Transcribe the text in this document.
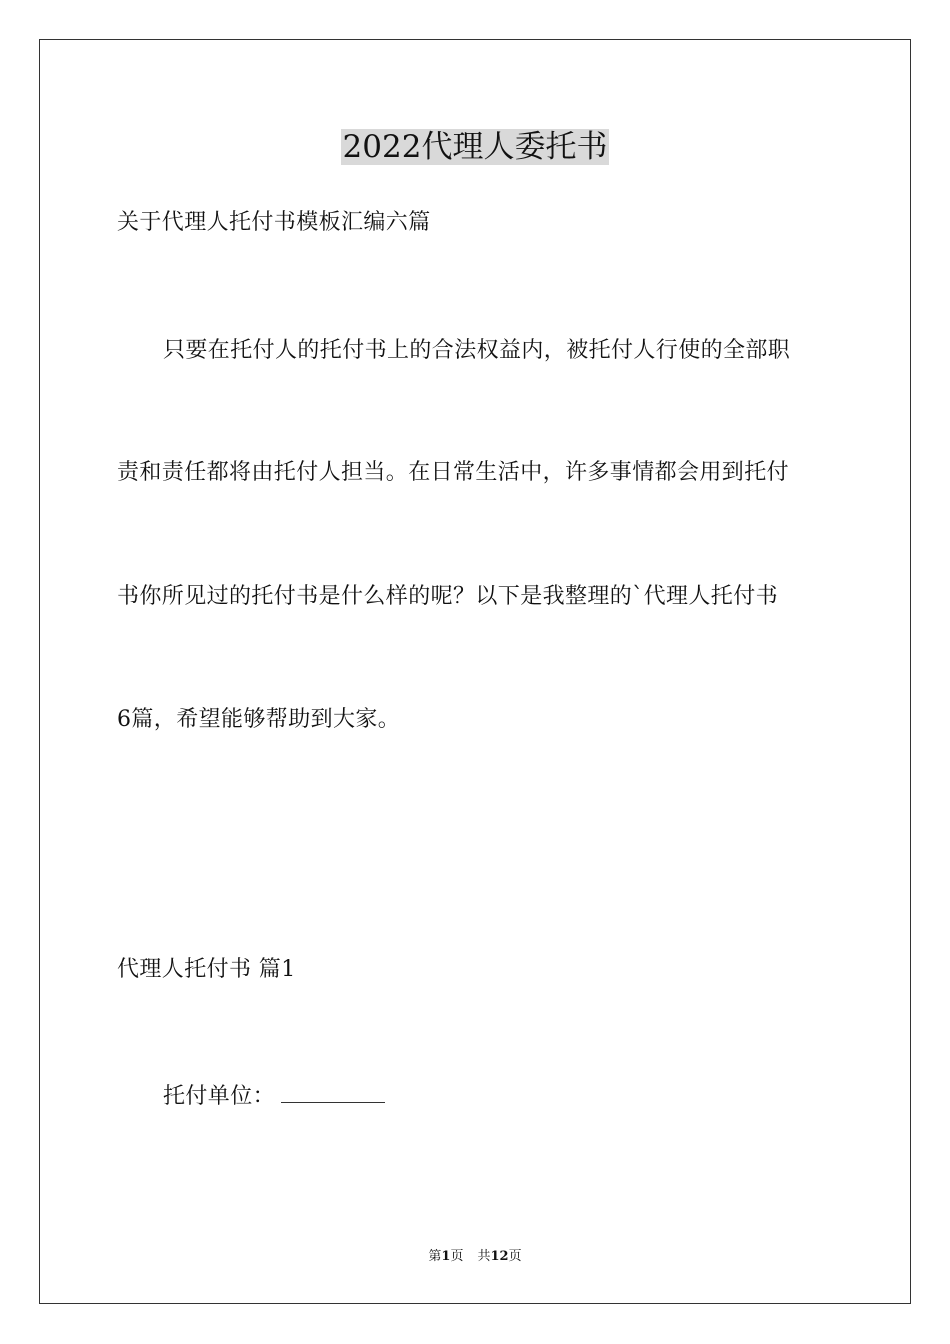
2022代理人委托书
关于代理人托付书模板汇编六篇
只要在托付人的托付书上的合法权益内，被托付人行使的全部职
责和责任都将由托付人担当。在日常生活中，许多事情都会用到托付
书你所见过的托付书是什么样的呢？以下是我整理的`代理人托付书
6篇，希望能够帮助到大家。
代理人托付书 篇1
托付单位：
第1页 共12页
